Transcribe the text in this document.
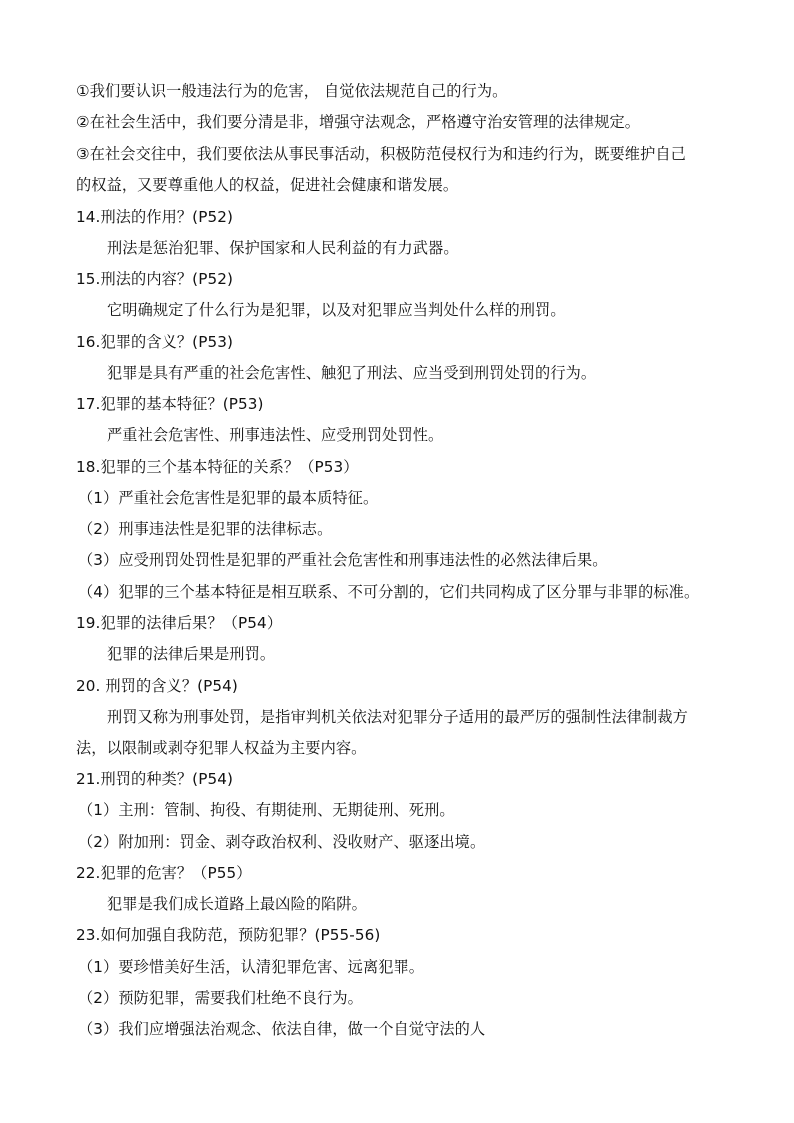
①我们要认识一般违法行为的危害， 自觉依法规范自己的行为。
②在社会生活中，我们要分清是非，增强守法观念，严格遵守治安管理的法律规定。
③在社会交往中，我们要依法从事民事活动，积极防范侵权行为和违约行为，既要维护自己
的权益，又要尊重他人的权益，促进社会健康和谐发展。
14.刑法的作用？(P52)
刑法是惩治犯罪、保护国家和人民利益的有力武器。
15.刑法的内容？(P52)
它明确规定了什么行为是犯罪，以及对犯罪应当判处什么样的刑罚。
16.犯罪的含义？(P53)
犯罪是具有严重的社会危害性、触犯了刑法、应当受到刑罚处罚的行为。
17.犯罪的基本特征？(P53)
严重社会危害性、刑事违法性、应受刑罚处罚性。
18.犯罪的三个基本特征的关系？（P53）
（1）严重社会危害性是犯罪的最本质特征。
（2）刑事违法性是犯罪的法律标志。
（3）应受刑罚处罚性是犯罪的严重社会危害性和刑事违法性的必然法律后果。
（4）犯罪的三个基本特征是相互联系、不可分割的，它们共同构成了区分罪与非罪的标准。
19.犯罪的法律后果？（P54）
犯罪的法律后果是刑罚。
20. 刑罚的含义？(P54)
刑罚又称为刑事处罚，是指审判机关依法对犯罪分子适用的最严厉的强制性法律制裁方
法，以限制或剥夺犯罪人权益为主要内容。
21.刑罚的种类？(P54)
（1）主刑：管制、拘役、有期徒刑、无期徒刑、死刑。
（2）附加刑：罚金、剥夺政治权利、没收财产、驱逐出境。
22.犯罪的危害？（P55）
犯罪是我们成长道路上最凶险的陷阱。
23.如何加强自我防范，预防犯罪？(P55-56)
（1）要珍惜美好生活，认清犯罪危害、远离犯罪。
（2）预防犯罪，需要我们杜绝不良行为。
（3）我们应增强法治观念、依法自律，做一个自觉守法的人
